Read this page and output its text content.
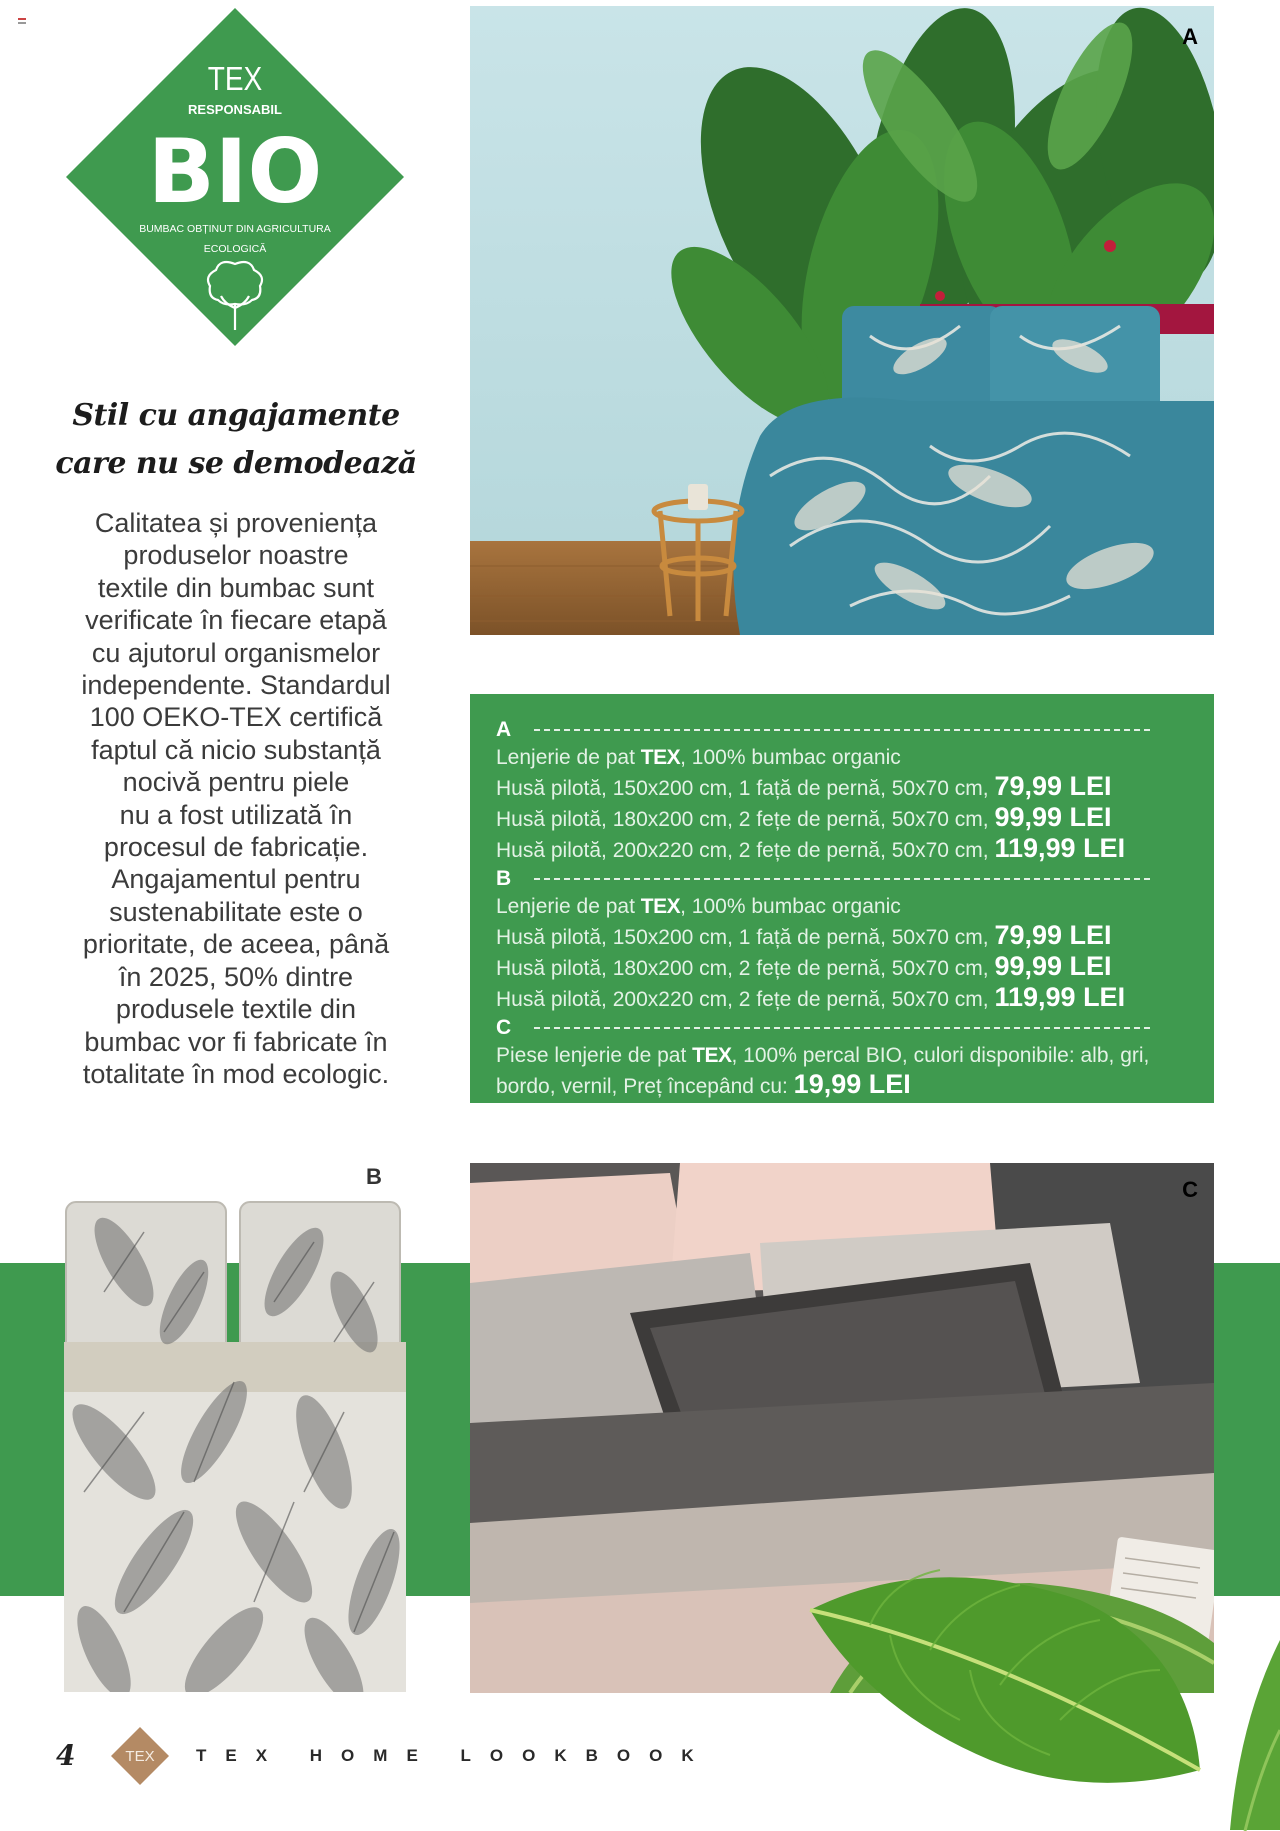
TEX
RESPONSABIL
BIO
BUMBAC OBȚINUT DIN AGRICULTURA
ECOLOGICĂ
Stil cu angajamente
care nu se demodează
Calitatea și proveniența
produselor noastre
textile din bumbac sunt
verificate în fiecare etapă
cu ajutorul organismelor
independente. Standardul
100 OEKO-TEX certifică
faptul că nicio substanță
nocivă pentru piele
nu a fost utilizată în
procesul de fabricație.
Angajamentul pentru
sustenabilitate este o
prioritate, de aceea, până
în 2025, 50% dintre
produsele textile din
bumbac vor fi fabricate în
totalitate în mod ecologic.
A
A
Lenjerie de pat TEX, 100% bumbac organic
Husă pilotă, 150x200 cm, 1 față de pernă, 50x70 cm, 79,99 LEI
Husă pilotă, 180x200 cm, 2 fețe de pernă, 50x70 cm, 99,99 LEI
Husă pilotă, 200x220 cm, 2 fețe de pernă, 50x70 cm, 119,99 LEI
B
Lenjerie de pat TEX, 100% bumbac organic
Husă pilotă, 150x200 cm, 1 față de pernă, 50x70 cm, 79,99 LEI
Husă pilotă, 180x200 cm, 2 fețe de pernă, 50x70 cm, 99,99 LEI
Husă pilotă, 200x220 cm, 2 fețe de pernă, 50x70 cm, 119,99 LEI
C
Piese lenjerie de pat TEX, 100% percal BIO, culori disponibile: alb, gri,
bordo, vernil, Preț începând cu: 19,99 LEI
B
C
4	TEX TEX HOME LOOKBOOK
